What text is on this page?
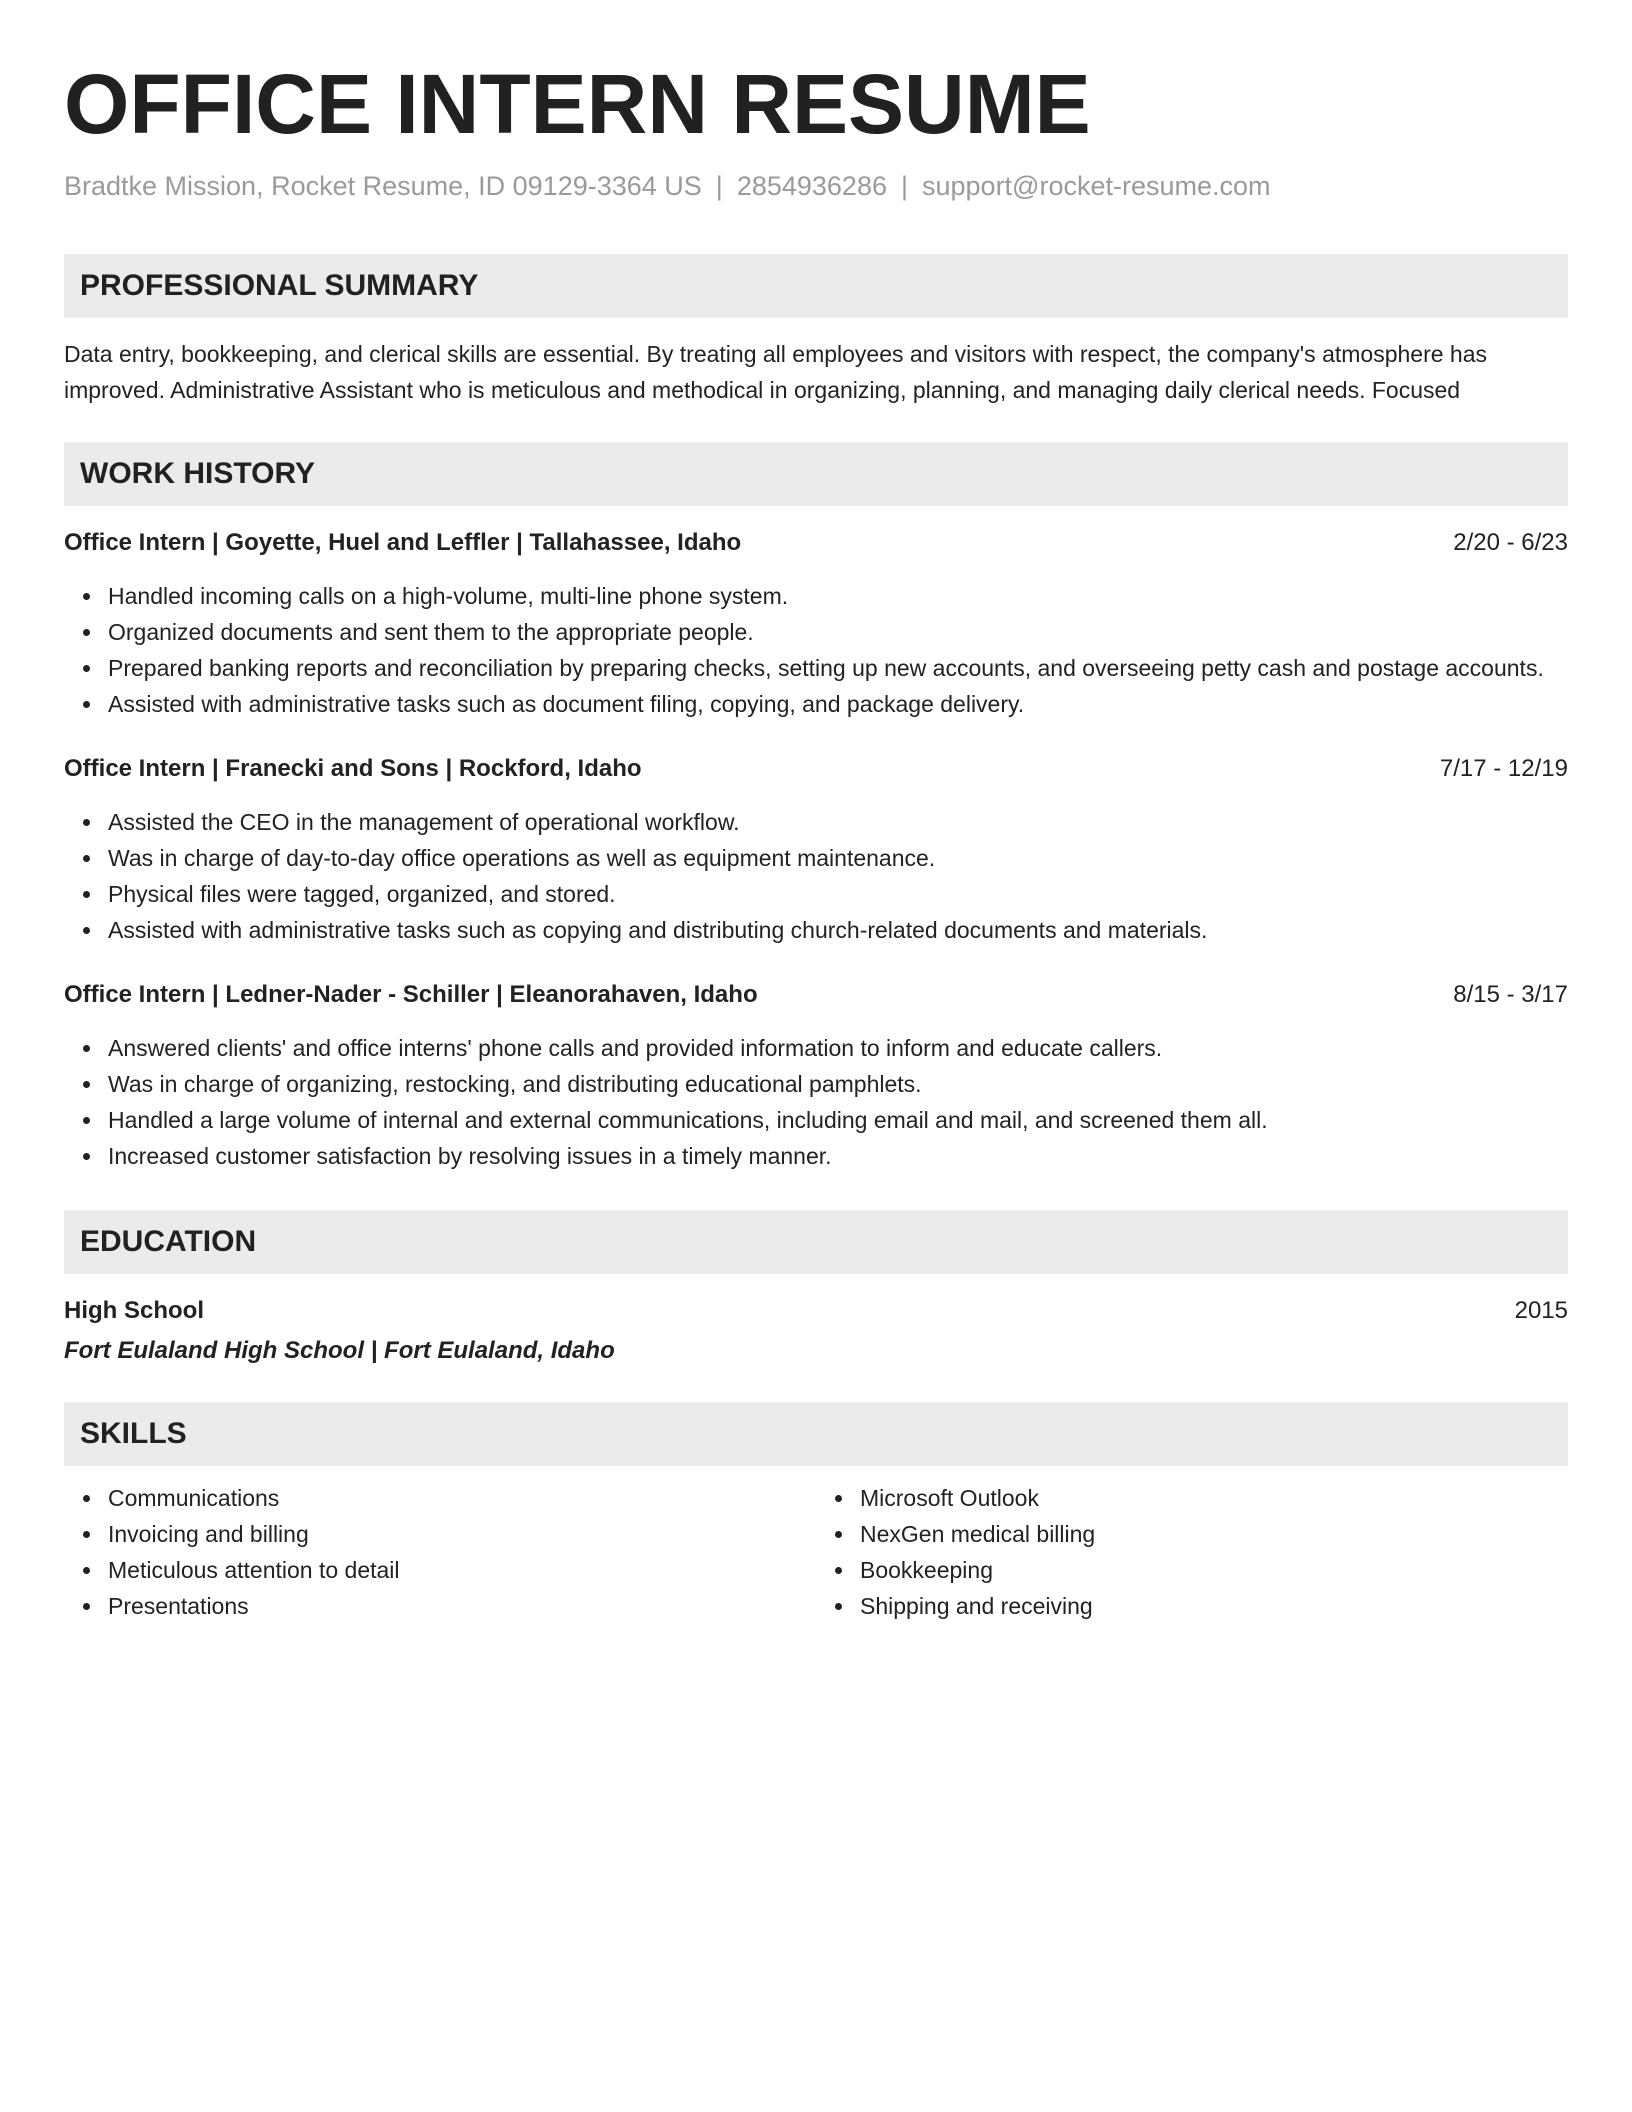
OFFICE INTERN RESUME
Bradtke Mission, Rocket Resume, ID 09129-3364 US | 2854936286 | support@rocket-resume.com
PROFESSIONAL SUMMARY
Data entry, bookkeeping, and clerical skills are essential. By treating all employees and visitors with respect, the company's atmosphere has improved. Administrative Assistant who is meticulous and methodical in organizing, planning, and managing daily clerical needs. Focused
WORK HISTORY
Office Intern | Goyette, Huel and Leffler | Tallahassee, Idaho	2/20 - 6/23
Handled incoming calls on a high-volume, multi-line phone system.
Organized documents and sent them to the appropriate people.
Prepared banking reports and reconciliation by preparing checks, setting up new accounts, and overseeing petty cash and postage accounts.
Assisted with administrative tasks such as document filing, copying, and package delivery.
Office Intern | Franecki and Sons | Rockford, Idaho	7/17 - 12/19
Assisted the CEO in the management of operational workflow.
Was in charge of day-to-day office operations as well as equipment maintenance.
Physical files were tagged, organized, and stored.
Assisted with administrative tasks such as copying and distributing church-related documents and materials.
Office Intern | Ledner-Nader - Schiller | Eleanorahaven, Idaho	8/15 - 3/17
Answered clients' and office interns' phone calls and provided information to inform and educate callers.
Was in charge of organizing, restocking, and distributing educational pamphlets.
Handled a large volume of internal and external communications, including email and mail, and screened them all.
Increased customer satisfaction by resolving issues in a timely manner.
EDUCATION
High School	2015
Fort Eulaland High School | Fort Eulaland, Idaho
SKILLS
Communications
Invoicing and billing
Meticulous attention to detail
Presentations
Microsoft Outlook
NexGen medical billing
Bookkeeping
Shipping and receiving
